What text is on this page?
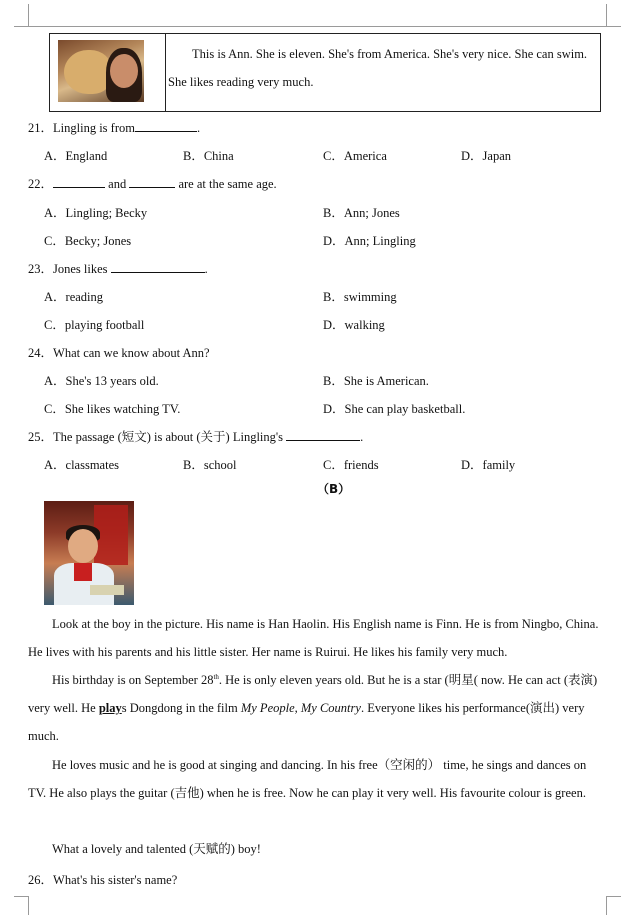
This is Ann. She is eleven. She's from America. She's very nice. She can swim. She likes reading very much.
21．Lingling is from	.
A．England	B．China	C．America	D．Japan
22．	and	are at the same age.
A．Lingling; Becky	B．Ann; Jones
C．Becky; Jones	D．Ann; Lingling
23．Jones likes	.
A．reading	B．swimming
C．playing football	D．walking
24．What can we know about Ann?
A．She's 13 years old.	B．She is American.
C．She likes watching TV.	D．She can play basketball.
25．The passage (短文) is about (关于) Lingling's	.
A．classmates	B．school	C．friends	D．family
（B）
Look at the boy in the picture. His name is Han Haolin. His English name is Finn. He is from Ningbo, China. He lives with his parents and his little sister. Her name is Ruirui. He likes his family very much.
His birthday is on September 28th. He is only eleven years old. But he is a star (明星( now. He can act (表演) very well. He plays Dongdong in the film My People, My Country. Everyone likes his performance(演出) very much.
He loves music and he is good at singing and dancing. In his free（空闲的） time, he sings and dances on TV. He also plays the guitar (吉他) when he is free. Now he can play it very well. His favourite colour is green.
What a lovely and talented (天赋的) boy!
26．What's his sister's name?
